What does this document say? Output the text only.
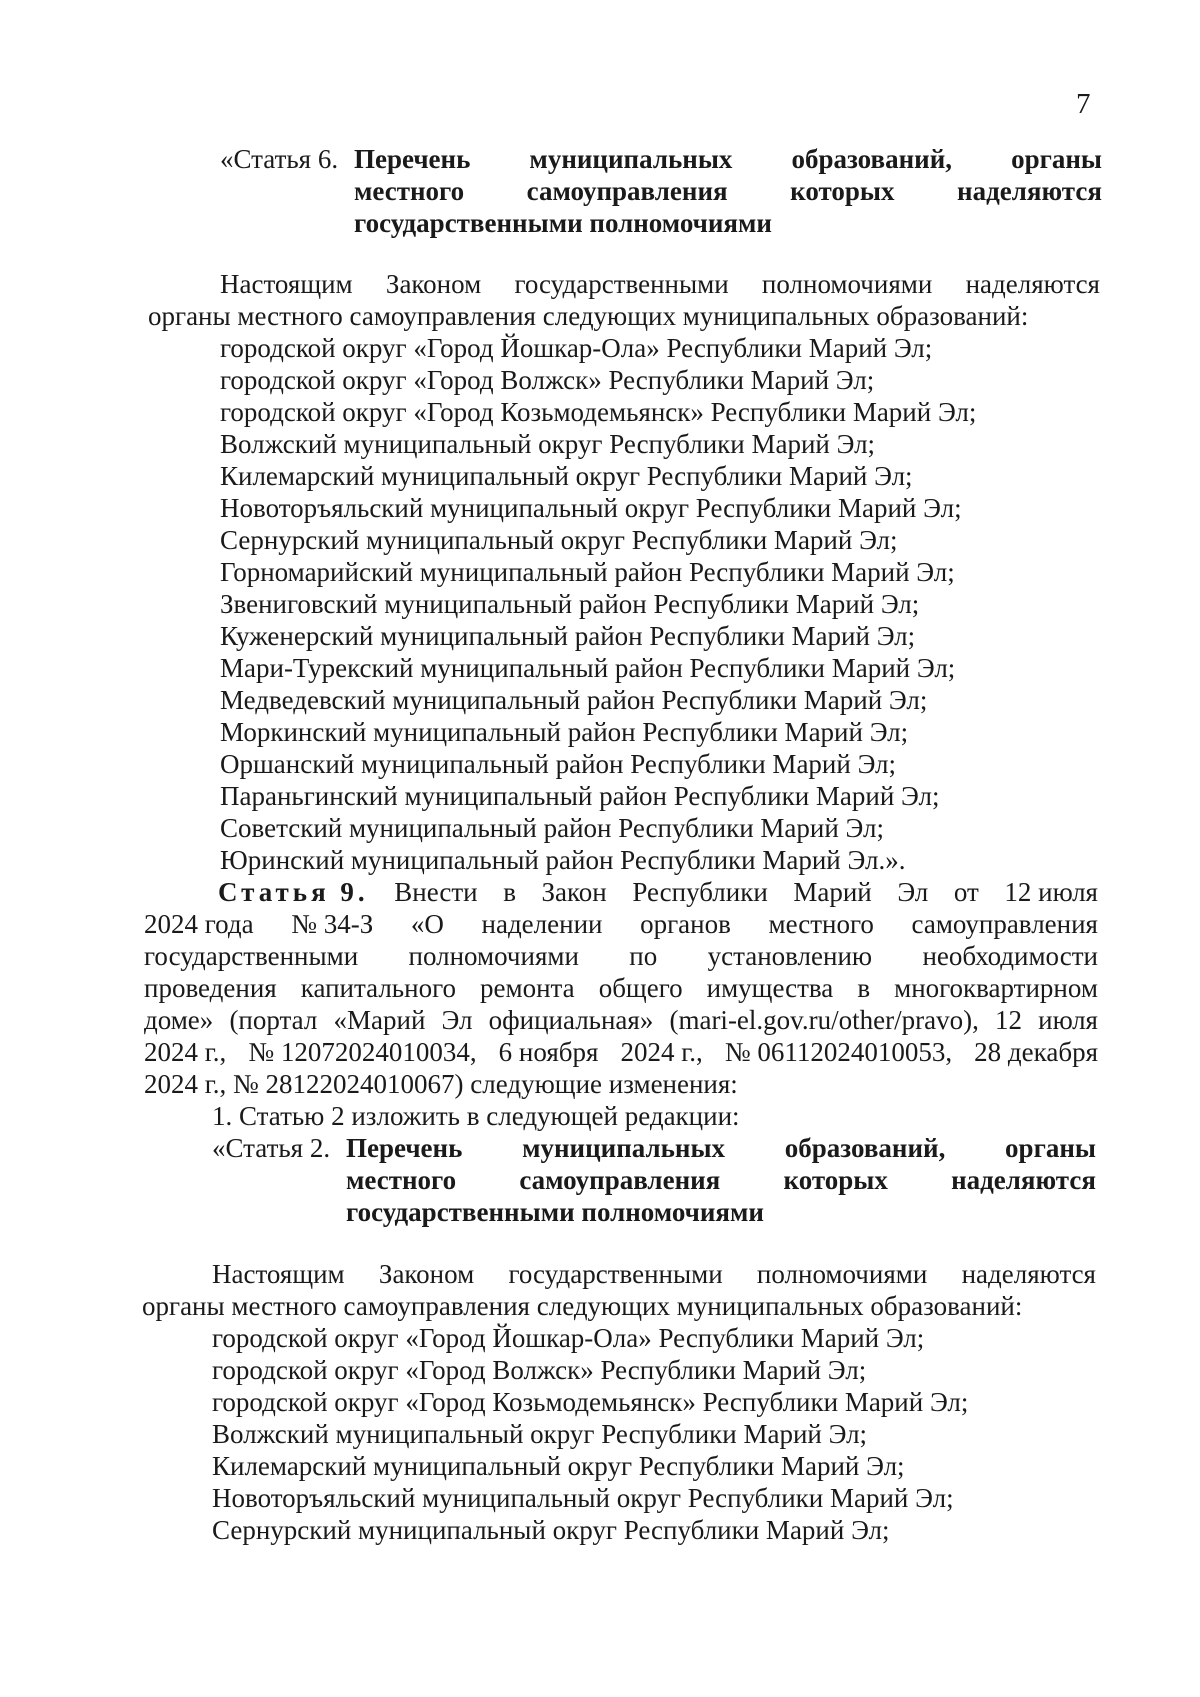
7
«Статья 6. Перечень муниципальных образований, органы
местного самоуправления которых наделяются
государственными полномочиями
Настоящим Законом государственными полномочиями наделяются
органы местного самоуправления следующих муниципальных образований:
городской округ «Город Йошкар-Ола» Республики Марий Эл;
городской округ «Город Волжск» Республики Марий Эл;
городской округ «Город Козьмодемьянск» Республики Марий Эл;
Волжский муниципальный округ Республики Марий Эл;
Килемарский муниципальный округ Республики Марий Эл;
Новоторъяльский муниципальный округ Республики Марий Эл;
Сернурский муниципальный округ Республики Марий Эл;
Горномарийский муниципальный район Республики Марий Эл;
Звениговский муниципальный район Республики Марий Эл;
Куженерский муниципальный район Республики Марий Эл;
Мари-Турекский муниципальный район Республики Марий Эл;
Медведевский муниципальный район Республики Марий Эл;
Моркинский муниципальный район Республики Марий Эл;
Оршанский муниципальный район Республики Марий Эл;
Параньгинский муниципальный район Республики Марий Эл;
Советский муниципальный район Республики Марий Эл;
Юринский муниципальный район Республики Марий Эл.».
Статья 9. Внести в Закон Республики Марий Эл от 12 июля
2024 года № 34-З «О наделении органов местного самоуправления
государственными полномочиями по установлению необходимости
проведения капитального ремонта общего имущества в многоквартирном
доме» (портал «Марий Эл официальная» (mari-el.gov.ru/other/pravo), 12 июля
2024 г., № 12072024010034, 6 ноября 2024 г., № 06112024010053, 28 декабря
2024 г., № 28122024010067) следующие изменения:
1. Статью 2 изложить в следующей редакции:
«Статья 2. Перечень муниципальных образований, органы
местного самоуправления которых наделяются
государственными полномочиями
Настоящим Законом государственными полномочиями наделяются
органы местного самоуправления следующих муниципальных образований:
городской округ «Город Йошкар-Ола» Республики Марий Эл;
городской округ «Город Волжск» Республики Марий Эл;
городской округ «Город Козьмодемьянск» Республики Марий Эл;
Волжский муниципальный округ Республики Марий Эл;
Килемарский муниципальный округ Республики Марий Эл;
Новоторъяльский муниципальный округ Республики Марий Эл;
Сернурский муниципальный округ Республики Марий Эл;
